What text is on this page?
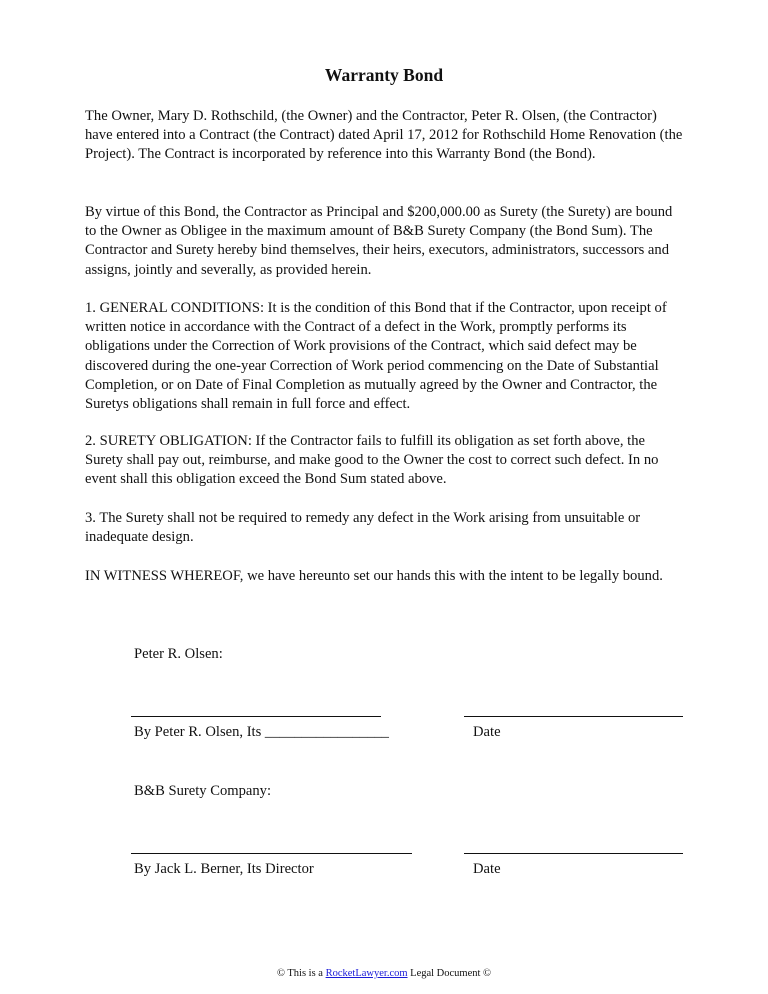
Warranty Bond

The Owner, Mary D. Rothschild, (the Owner) and the Contractor, Peter R. Olsen, (the Contractor) have entered into a Contract (the Contract) dated April 17, 2012 for Rothschild Home Renovation (the Project). The Contract is incorporated by reference into this Warranty Bond (the Bond).

By virtue of this Bond, the Contractor as Principal and $200,000.00 as Surety (the Surety) are bound to the Owner as Obligee in the maximum amount of B&B Surety Company (the Bond Sum). The Contractor and Surety hereby bind themselves, their heirs, executors, administrators, successors and assigns, jointly and severally, as provided herein.

1. GENERAL CONDITIONS: It is the condition of this Bond that if the Contractor, upon receipt of written notice in accordance with the Contract of a defect in the Work, promptly performs its obligations under the Correction of Work provisions of the Contract, which said defect may be discovered during the one-year Correction of Work period commencing on the Date of Substantial Completion, or on Date of Final Completion as mutually agreed by the Owner and Contractor, the Suretys obligations shall remain in full force and effect.

2. SURETY OBLIGATION: If the Contractor fails to fulfill its obligation as set forth above, the Surety shall pay out, reimburse, and make good to the Owner the cost to correct such defect. In no event shall this obligation exceed the Bond Sum stated above.

3. The Surety shall not be required to remedy any defect in the Work arising from unsuitable or inadequate design.

IN WITNESS WHEREOF, we have hereunto set our hands this with the intent to be legally bound.

Peter R. Olsen:
By Peter R. Olsen, Its _________________	Date
B&B Surety Company:
By Jack L. Berner, Its Director	Date
© This is a RocketLawyer.com Legal Document ©
